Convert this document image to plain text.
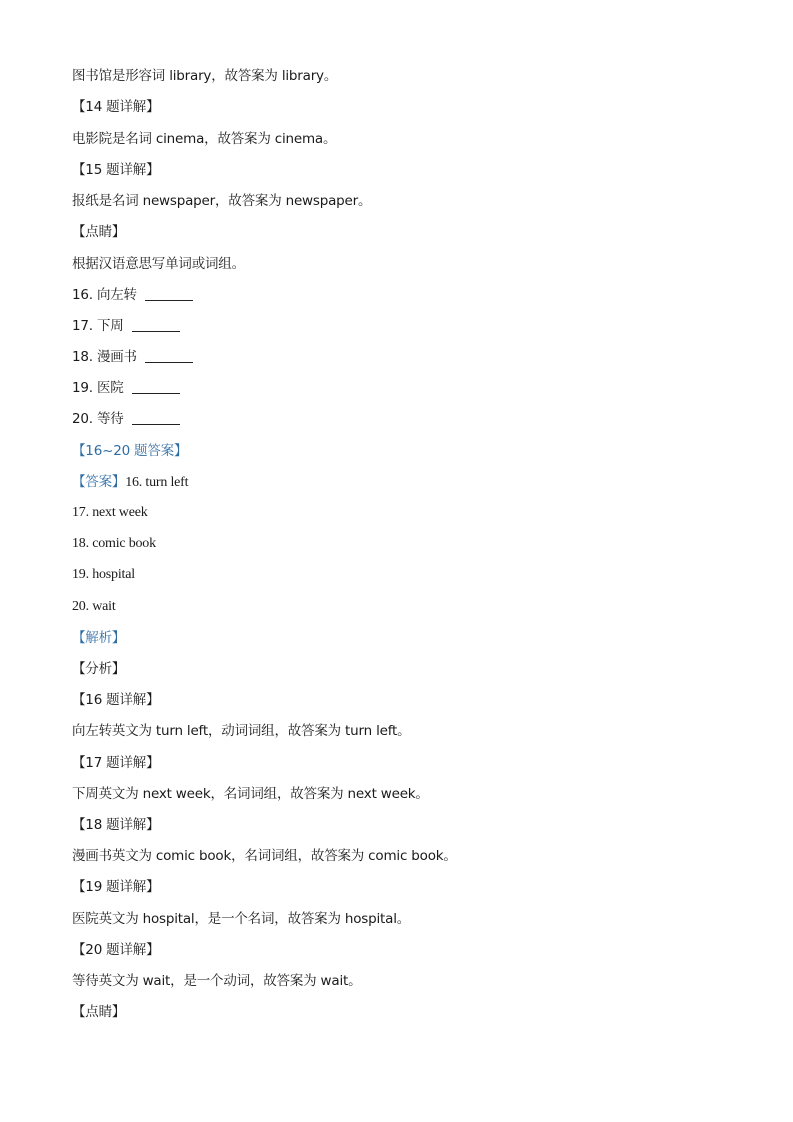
图书馆是形容词 library，故答案为 library。
【14 题详解】
电影院是名词 cinema，故答案为 cinema。
【15 题详解】
报纸是名词 newspaper，故答案为 newspaper。
【点睛】
根据汉语意思写单词或词组。
16. 向左转
17. 下周
18. 漫画书
19. 医院
20. 等待
【16~20 题答案】
【答案】16. turn left
17. next week
18. comic book
19. hospital
20. wait
【解析】
【分析】
【16 题详解】
向左转英文为 turn left，动词词组，故答案为 turn left。
【17 题详解】
下周英文为 next week，名词词组，故答案为 next week。
【18 题详解】
漫画书英文为 comic book，名词词组，故答案为 comic book。
【19 题详解】
医院英文为 hospital，是一个名词，故答案为 hospital。
【20 题详解】
等待英文为 wait，是一个动词，故答案为 wait。
【点睛】
